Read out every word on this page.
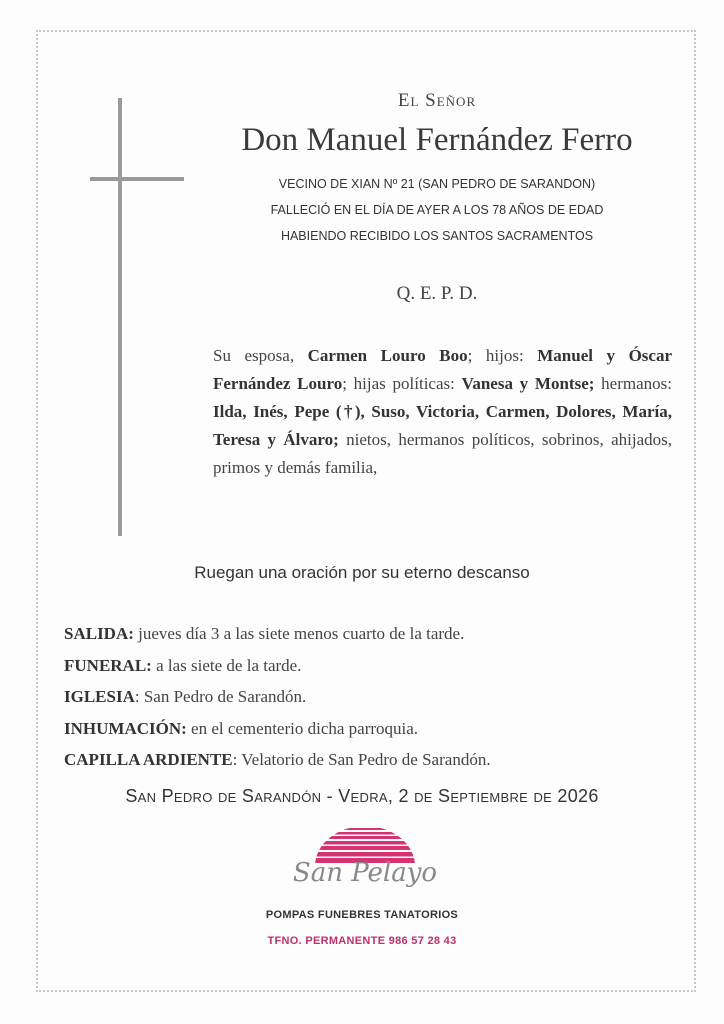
El Señor
Don Manuel Fernández Ferro
VECINO DE XIAN Nº 21 (SAN PEDRO DE SARANDON)
FALLECIÓ EN EL DÍA DE AYER A LOS 78 AÑOS DE EDAD
HABIENDO RECIBIDO LOS SANTOS SACRAMENTOS
Q. E. P. D.
Su esposa, Carmen Louro Boo; hijos: Manuel y Óscar Fernández Louro; hijas políticas: Vanesa y Montse; hermanos: Ilda, Inés, Pepe (†), Suso, Victoria, Carmen, Dolores, María, Teresa y Álvaro; nietos, hermanos políticos, sobrinos, ahijados, primos y demás familia,
Ruegan una oración por su eterno descanso
SALIDA: jueves día 3 a las siete menos cuarto de la tarde.
FUNERAL: a las siete de la tarde.
IGLESIA: San Pedro de Sarandón.
INHUMACIÓN: en el cementerio dicha parroquia.
CAPILLA ARDIENTE: Velatorio de San Pedro de Sarandón.
San Pedro de Sarandón - Vedra, 2 de Septiembre de 2026
San Pelayo
POMPAS FUNEBRES TANATORIOS
TFNO. PERMANENTE 986 57 28 43
